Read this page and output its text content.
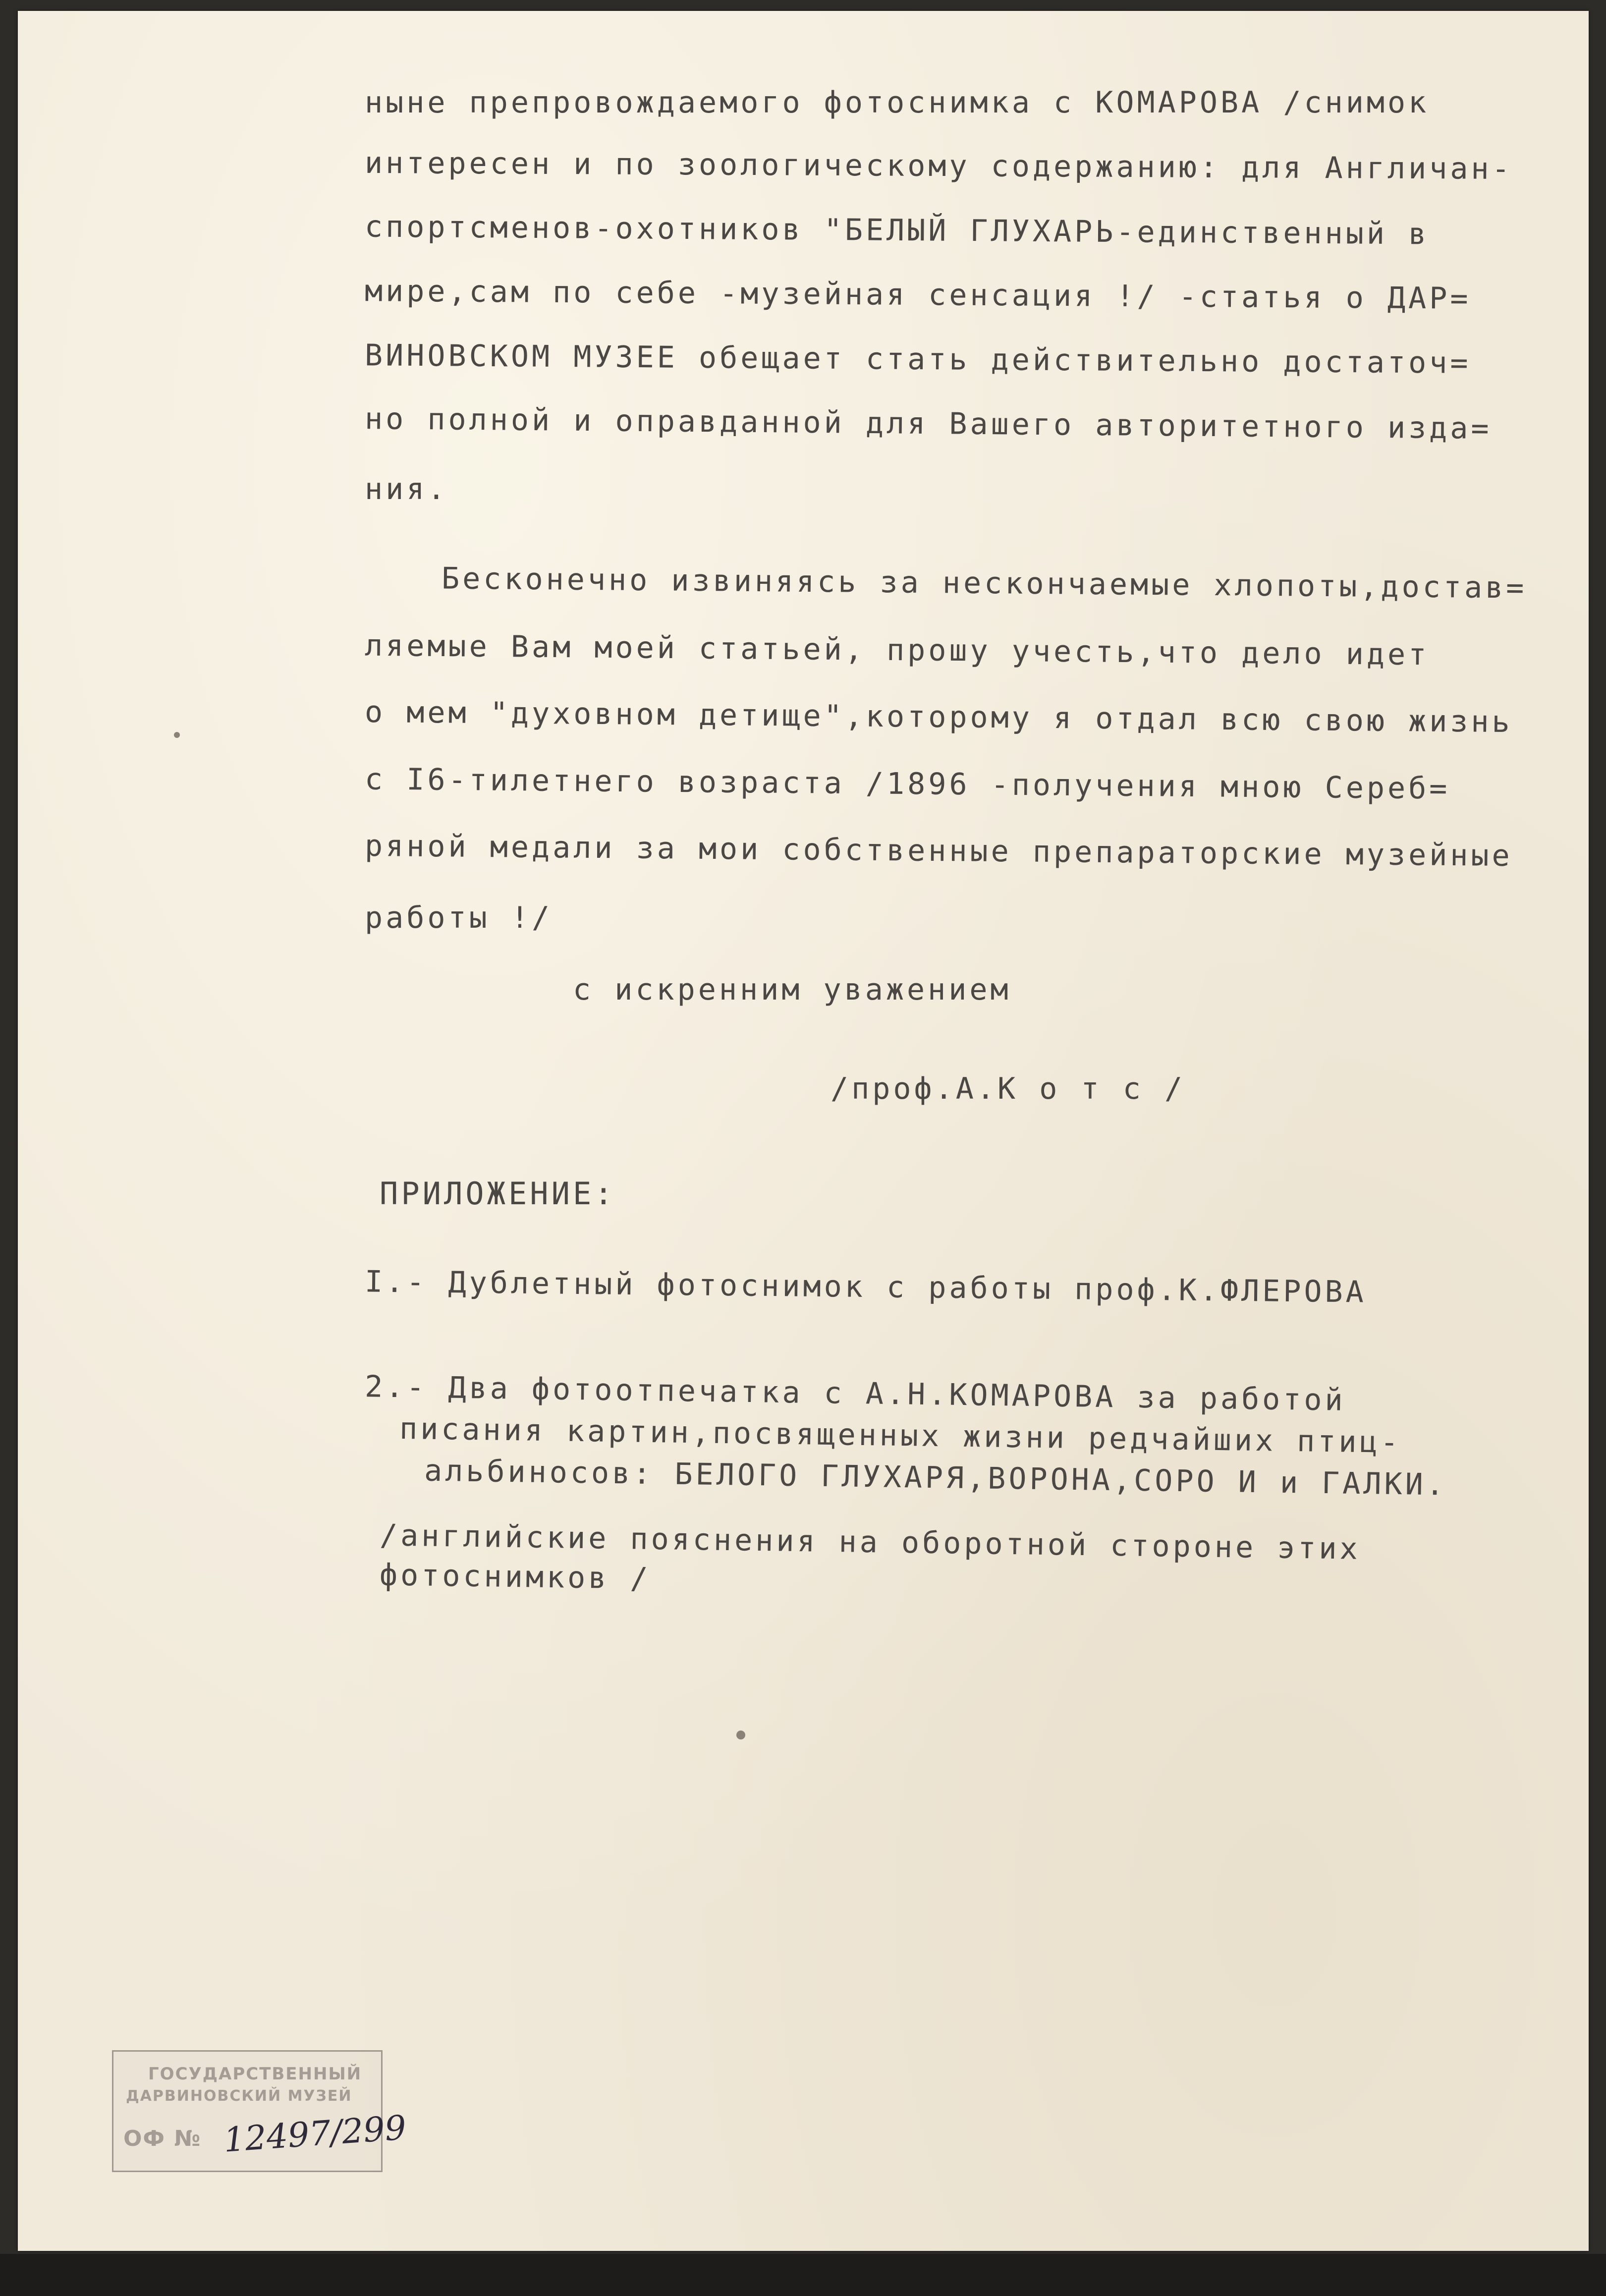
ныне препровождаемого фотоснимка с КОМАРОВА /снимок
интересен и по зоологическому содержанию: для Англичан-
спортсменов-охотников "БЕЛЫЙ ГЛУХАРЬ-единственный в
мире,сам по себе -музейная сенсация !/ -статья о ДАР=
ВИНОВСКОМ МУЗЕЕ обещает стать действительно достаточ=
но полной и оправданной для Вашего авторитетного изда=
ния.
Бесконечно извиняясь за нескончаемые хлопоты,достав=
ляемые Вам моей статьей, прошу учесть,что дело идет
о мем "духовном детище",которому я отдал всю свою жизнь
с I6-тилетнего возраста /1896 -получения мною Сереб=
ряной медали за мои собственные препараторские музейные
работы !/
с искренним уважением
/проф.А.К о т с /
ПРИЛОЖЕНИЕ:
I.- Дублетный фотоснимок с работы проф.К.ФЛЕРОВА
2.- Два фотоотпечатка с А.Н.КОМАРОВА за работой
писания картин,посвященных жизни редчайших птиц-
альбиносов: БЕЛОГО ГЛУХАРЯ,ВОРОНА,СОРО И и ГАЛКИ.
/английские пояснения на оборотной стороне этих
фотоснимков /
ГОСУДАРСТВЕННЫЙ
ДАРВИНОВСКИЙ МУЗЕЙ
ОФ № 12497/299
